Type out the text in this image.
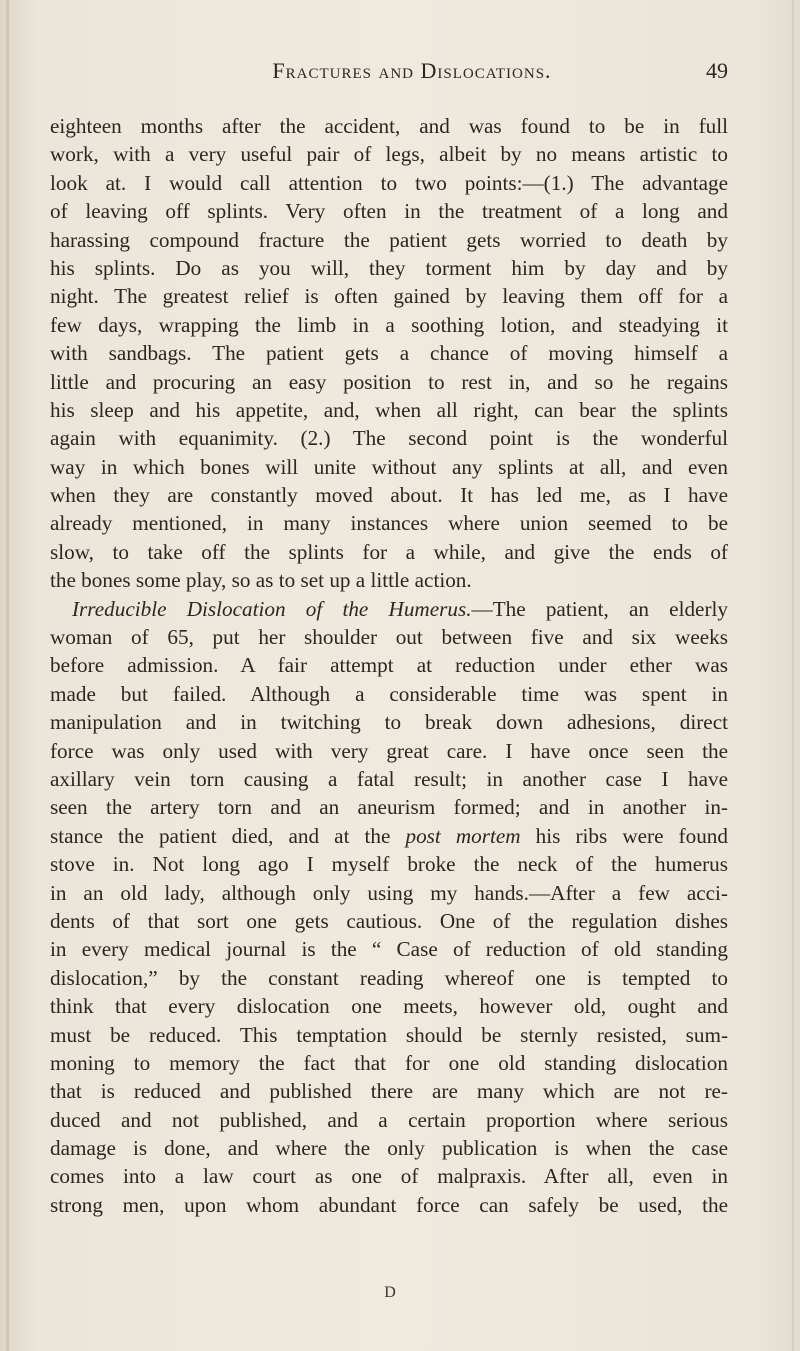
Fractures and Dislocations.	49
eighteen months after the accident, and was found to be in full
work, with a very useful pair of legs, albeit by no means artistic to
look at. I would call attention to two points:—(1.) The advantage
of leaving off splints. Very often in the treatment of a long and
harassing compound fracture the patient gets worried to death by
his splints. Do as you will, they torment him by day and by
night. The greatest relief is often gained by leaving them off for a
few days, wrapping the limb in a soothing lotion, and steadying it
with sandbags. The patient gets a chance of moving himself a
little and procuring an easy position to rest in, and so he regains
his sleep and his appetite, and, when all right, can bear the splints
again with equanimity. (2.) The second point is the wonderful
way in which bones will unite without any splints at all, and even
when they are constantly moved about. It has led me, as I have
already mentioned, in many instances where union seemed to be
slow, to take off the splints for a while, and give the ends of
the bones some play, so as to set up a little action.
Irreducible Dislocation of the Humerus.—The patient, an elderly
woman of 65, put her shoulder out between five and six weeks
before admission. A fair attempt at reduction under ether was
made but failed. Although a considerable time was spent in
manipulation and in twitching to break down adhesions, direct
force was only used with very great care. I have once seen the
axillary vein torn causing a fatal result; in another case I have
seen the artery torn and an aneurism formed; and in another in-
stance the patient died, and at the post mortem his ribs were found
stove in. Not long ago I myself broke the neck of the humerus
in an old lady, although only using my hands.—After a few acci-
dents of that sort one gets cautious. One of the regulation dishes
in every medical journal is the “ Case of reduction of old standing
dislocation,” by the constant reading whereof one is tempted to
think that every dislocation one meets, however old, ought and
must be reduced. This temptation should be sternly resisted, sum-
moning to memory the fact that for one old standing dislocation
that is reduced and published there are many which are not re-
duced and not published, and a certain proportion where serious
damage is done, and where the only publication is when the case
comes into a law court as one of malpraxis. After all, even in
strong men, upon whom abundant force can safely be used, the
D
